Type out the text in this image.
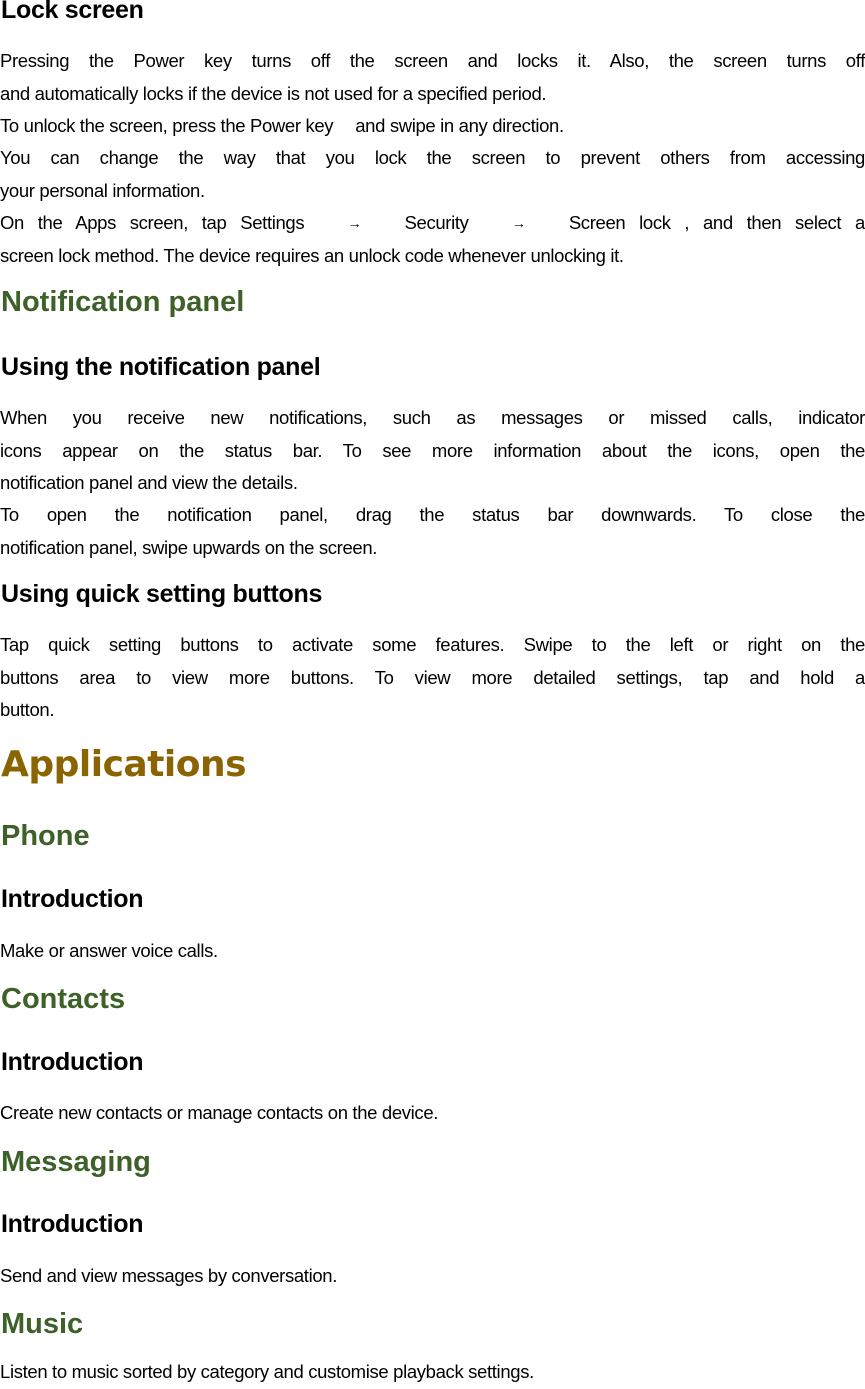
Lock screen
Pressing the Power key turns off the screen and locks it. Also, the screen turns off
and automatically locks if the device is not used for a specified period.
To unlock the screen, press the Power key and swipe in any direction.
You can change the way that you lock the screen to prevent others from accessing
your personal information.
On the Apps screen, tap Settings	→ Security	→ Screen lock , and then select a
screen lock method. The device requires an unlock code whenever unlocking it.
Notification panel
Using the notification panel
When you receive new notifications, such as messages or missed calls, indicator
icons appear on the status bar. To see more information about the icons, open the
notification panel and view the details.
To open the notification panel, drag the status bar downwards. To close the
notification panel, swipe upwards on the screen.
Using quick setting buttons
Tap quick setting buttons to activate some features. Swipe to the left or right on the
buttons area to view more buttons. To view more detailed settings, tap and hold a
button.
Applications
Phone
Introduction
Make or answer voice calls.
Contacts
Introduction
Create new contacts or manage contacts on the device.
Messaging
Introduction
Send and view messages by conversation.
Music
Listen to music sorted by category and customise playback settings.
